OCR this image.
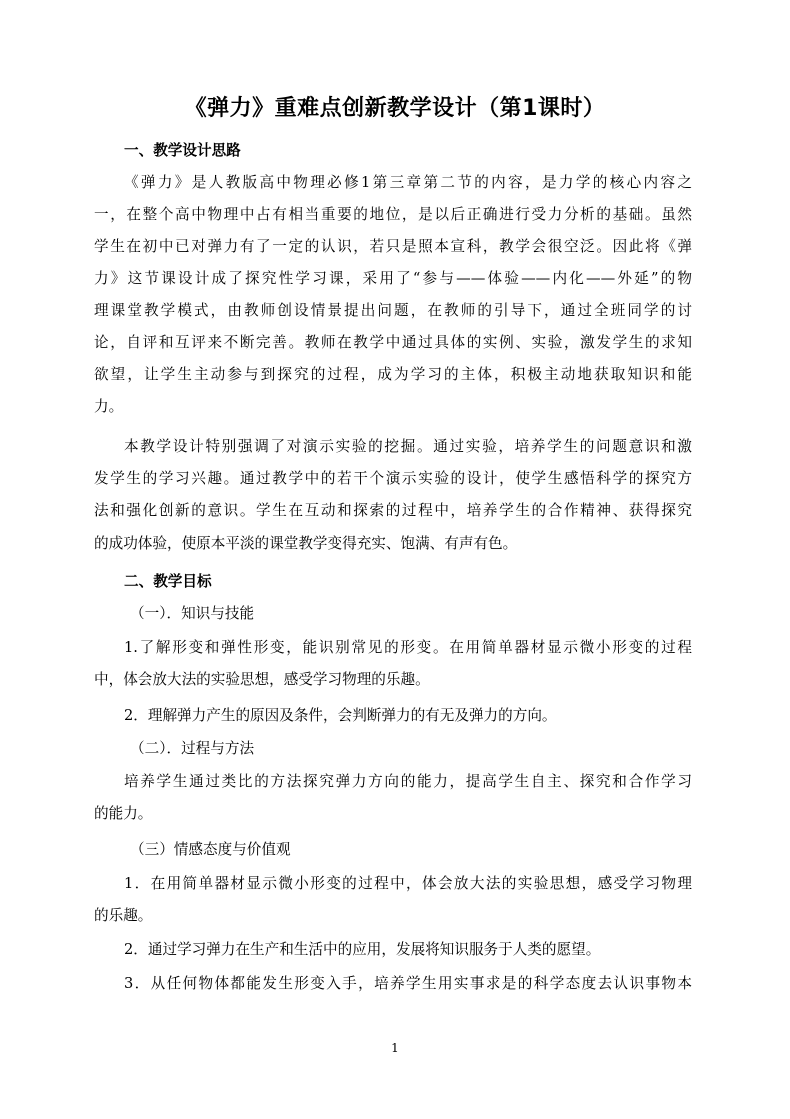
《弹力》重难点创新教学设计（第1课时）
一、教学设计思路
《弹力》是人教版高中物理必修1第三章第二节的内容，是力学的核心内容之
一，在整个高中物理中占有相当重要的地位，是以后正确进行受力分析的基础。虽然
学生在初中已对弹力有了一定的认识，若只是照本宣科，教学会很空泛。因此将《弹
力》这节课设计成了探究性学习课，采用了“参与——体验——内化——外延”的物
理课堂教学模式，由教师创设情景提出问题，在教师的引导下，通过全班同学的讨
论，自评和互评来不断完善。教师在教学中通过具体的实例、实验，激发学生的求知
欲望，让学生主动参与到探究的过程，成为学习的主体，积极主动地获取知识和能
力。
本教学设计特别强调了对演示实验的挖掘。通过实验，培养学生的问题意识和激
发学生的学习兴趣。通过教学中的若干个演示实验的设计，使学生感悟科学的探究方
法和强化创新的意识。学生在互动和探索的过程中，培养学生的合作精神、获得探究
的成功体验，使原本平淡的课堂教学变得充实、饱满、有声有色。
二、教学目标
（一）．知识与技能
1.了解形变和弹性形变，能识别常见的形变。在用简单器材显示微小形变的过程
中，体会放大法的实验思想，感受学习物理的乐趣。
2．理解弹力产生的原因及条件，会判断弹力的有无及弹力的方向。
（二）．过程与方法
培养学生通过类比的方法探究弹力方向的能力，提高学生自主、探究和合作学习
的能力。
（三）情感态度与价值观
1．在用简单器材显示微小形变的过程中，体会放大法的实验思想，感受学习物理
的乐趣。
2．通过学习弹力在生产和生活中的应用，发展将知识服务于人类的愿望。
3．从任何物体都能发生形变入手，培养学生用实事求是的科学态度去认识事物本
1
